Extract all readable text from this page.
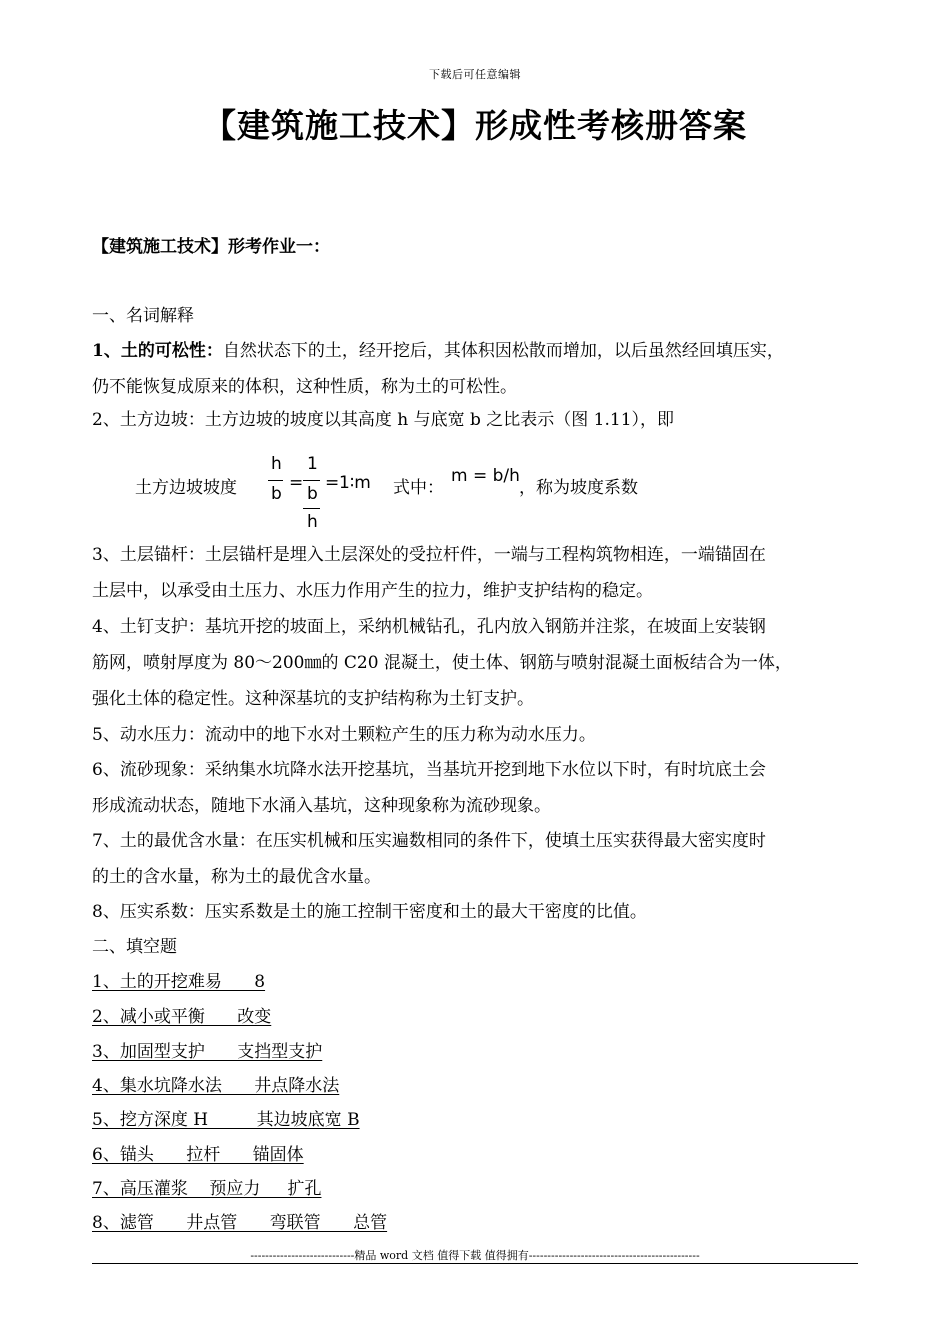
下载后可任意编辑
【建筑施工技术】形成性考核册答案
【建筑施工技术】形考作业一：
一、名词解释
1、土的可松性：自然状态下的土，经开挖后，其体积因松散而增加，以后虽然经回填压实，
仍不能恢复成原来的体积，这种性质，称为土的可松性。
2、土方边坡：土方边坡的坡度以其高度 h 与底宽 b 之比表示（图 1.11），即
土方边坡坡度
h
b
=
1
b
h
= 1∶m 式中：
m = b/h
，称为坡度系数
3、土层锚杆：土层锚杆是埋入土层深处的受拉杆件，一端与工程构筑物相连，一端锚固在
土层中，以承受由土压力、水压力作用产生的拉力，维护支护结构的稳定。
4、土钉支护：基坑开挖的坡面上，采纳机械钻孔，孔内放入钢筋并注浆，在坡面上安装钢
筋网，喷射厚度为 80～200㎜的 C20 混凝土，使土体、钢筋与喷射混凝土面板结合为一体，
强化土体的稳定性。这种深基坑的支护结构称为土钉支护。
5、动水压力：流动中的地下水对土颗粒产生的压力称为动水压力。
6、流砂现象：采纳集水坑降水法开挖基坑，当基坑开挖到地下水位以下时，有时坑底土会
形成流动状态，随地下水涌入基坑，这种现象称为流砂现象。
7、土的最优含水量：在压实机械和压实遍数相同的条件下，使填土压实获得最大密实度时
的土的含水量，称为土的最优含水量。
8、压实系数：压实系数是土的施工控制干密度和土的最大干密度的比值。
二、填空题
1、土的开挖难易      8
2、减小或平衡      改变
3、加固型支护      支挡型支护
4、集水坑降水法      井点降水法
5、挖方深度 H         其边坡底宽 B
6、锚头      拉杆      锚固体
7、高压灌浆    预应力     扩孔
8、滤管      井点管      弯联管      总管
----------------------------精品 word 文档 值得下载 值得拥有----------------------------------------------
